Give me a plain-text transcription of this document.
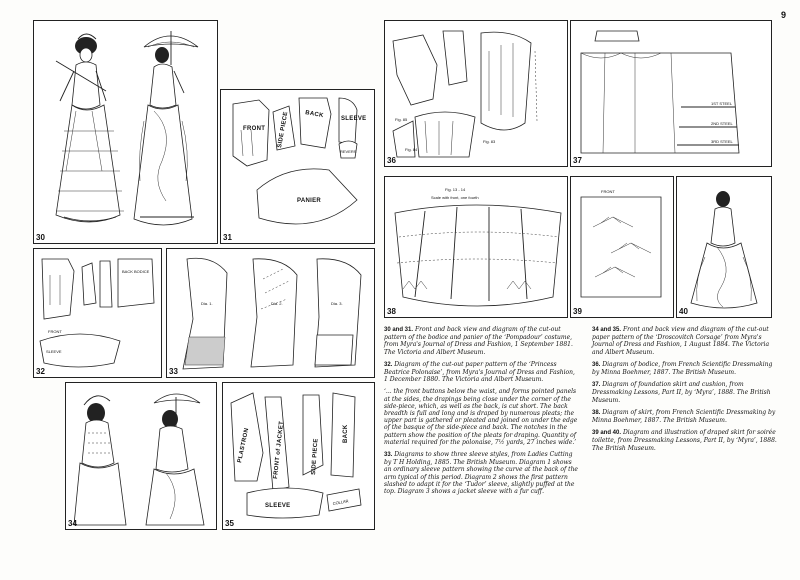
9
30
FRONT SIDE PIECE	BACK	SLEEVE
REVERS
PANIER
31
Fig. 85
Fig. 84
Fig. 83
36
1ST STEEL
2ND STEEL
3RD STEEL
37
Fig. 13 - 14
Scale with front, one fourth
38
FRONT
39	40
FRONT
BACK BODICE
SLEEVE
32
Dia. 1.	Dia. 2.	Dia. 3.
33
34
PLASTRON	FRONT of JACKET	BACK
SIDE PIECE
SLEEVE
COLLAR
35

30 and 31. Front and back view and diagram of the cut-out pattern of the bodice and panier of the ‘Pompadour’ costume, from Myra's Journal of Dress and Fashion, 1 September 1881. The Victoria and Albert Museum.

32. Diagram of the cut-out paper pattern of the ‘Princess Beatrice Polonaise’, from Myra's Journal of Dress and Fashion, 1 December 1880. The Victoria and Albert Museum.

‘... the front buttons below the waist, and forms pointed panels at the sides, the drapings being close under the corner of the side-piece, which, as well as the back, is cut short. The back breadth is full and long and is draped by numerous pleats; the upper part is gathered or pleated and joined on under the edge of the basque of the side-piece and back. The notches in the pattern show the position of the pleats for draping. Quantity of material required for the polonaise, 7½ yards, 27 inches wide.’

33. Diagrams to show three sleeve styles, from Ladies Cutting by T H Holding, 1885. The British Museum. Diagram 1 shows an ordinary sleeve pattern showing the curve at the back of the arm typical of this period. Diagram 2 shows the first pattern slashed to adapt it for the ‘Tudor’ sleeve, slightly puffed at the top. Diagram 3 shows a jacket sleeve with a fur cuff.

34 and 35. Front and back view and diagram of the cut-out paper pattern of the ‘Droscovitch Corsage’ from Myra's Journal of Dress and Fashion, 1 August 1884. The Victoria and Albert Museum.

36. Diagram of bodice, from French Scientific Dressmaking by Minna Boehmer, 1887. The British Museum.

37. Diagram of foundation skirt and cushion, from Dressmaking Lessons, Part II, by ‘Myra’, 1888. The British Museum.

38. Diagram of skirt, from French Scientific Dressmaking by Minna Boehmer, 1887. The British Museum.

39 and 40. Diagram and illustration of draped skirt for soirée toilette, from Dressmaking Lessons, Part II, by ‘Myra’, 1888. The British Museum.
